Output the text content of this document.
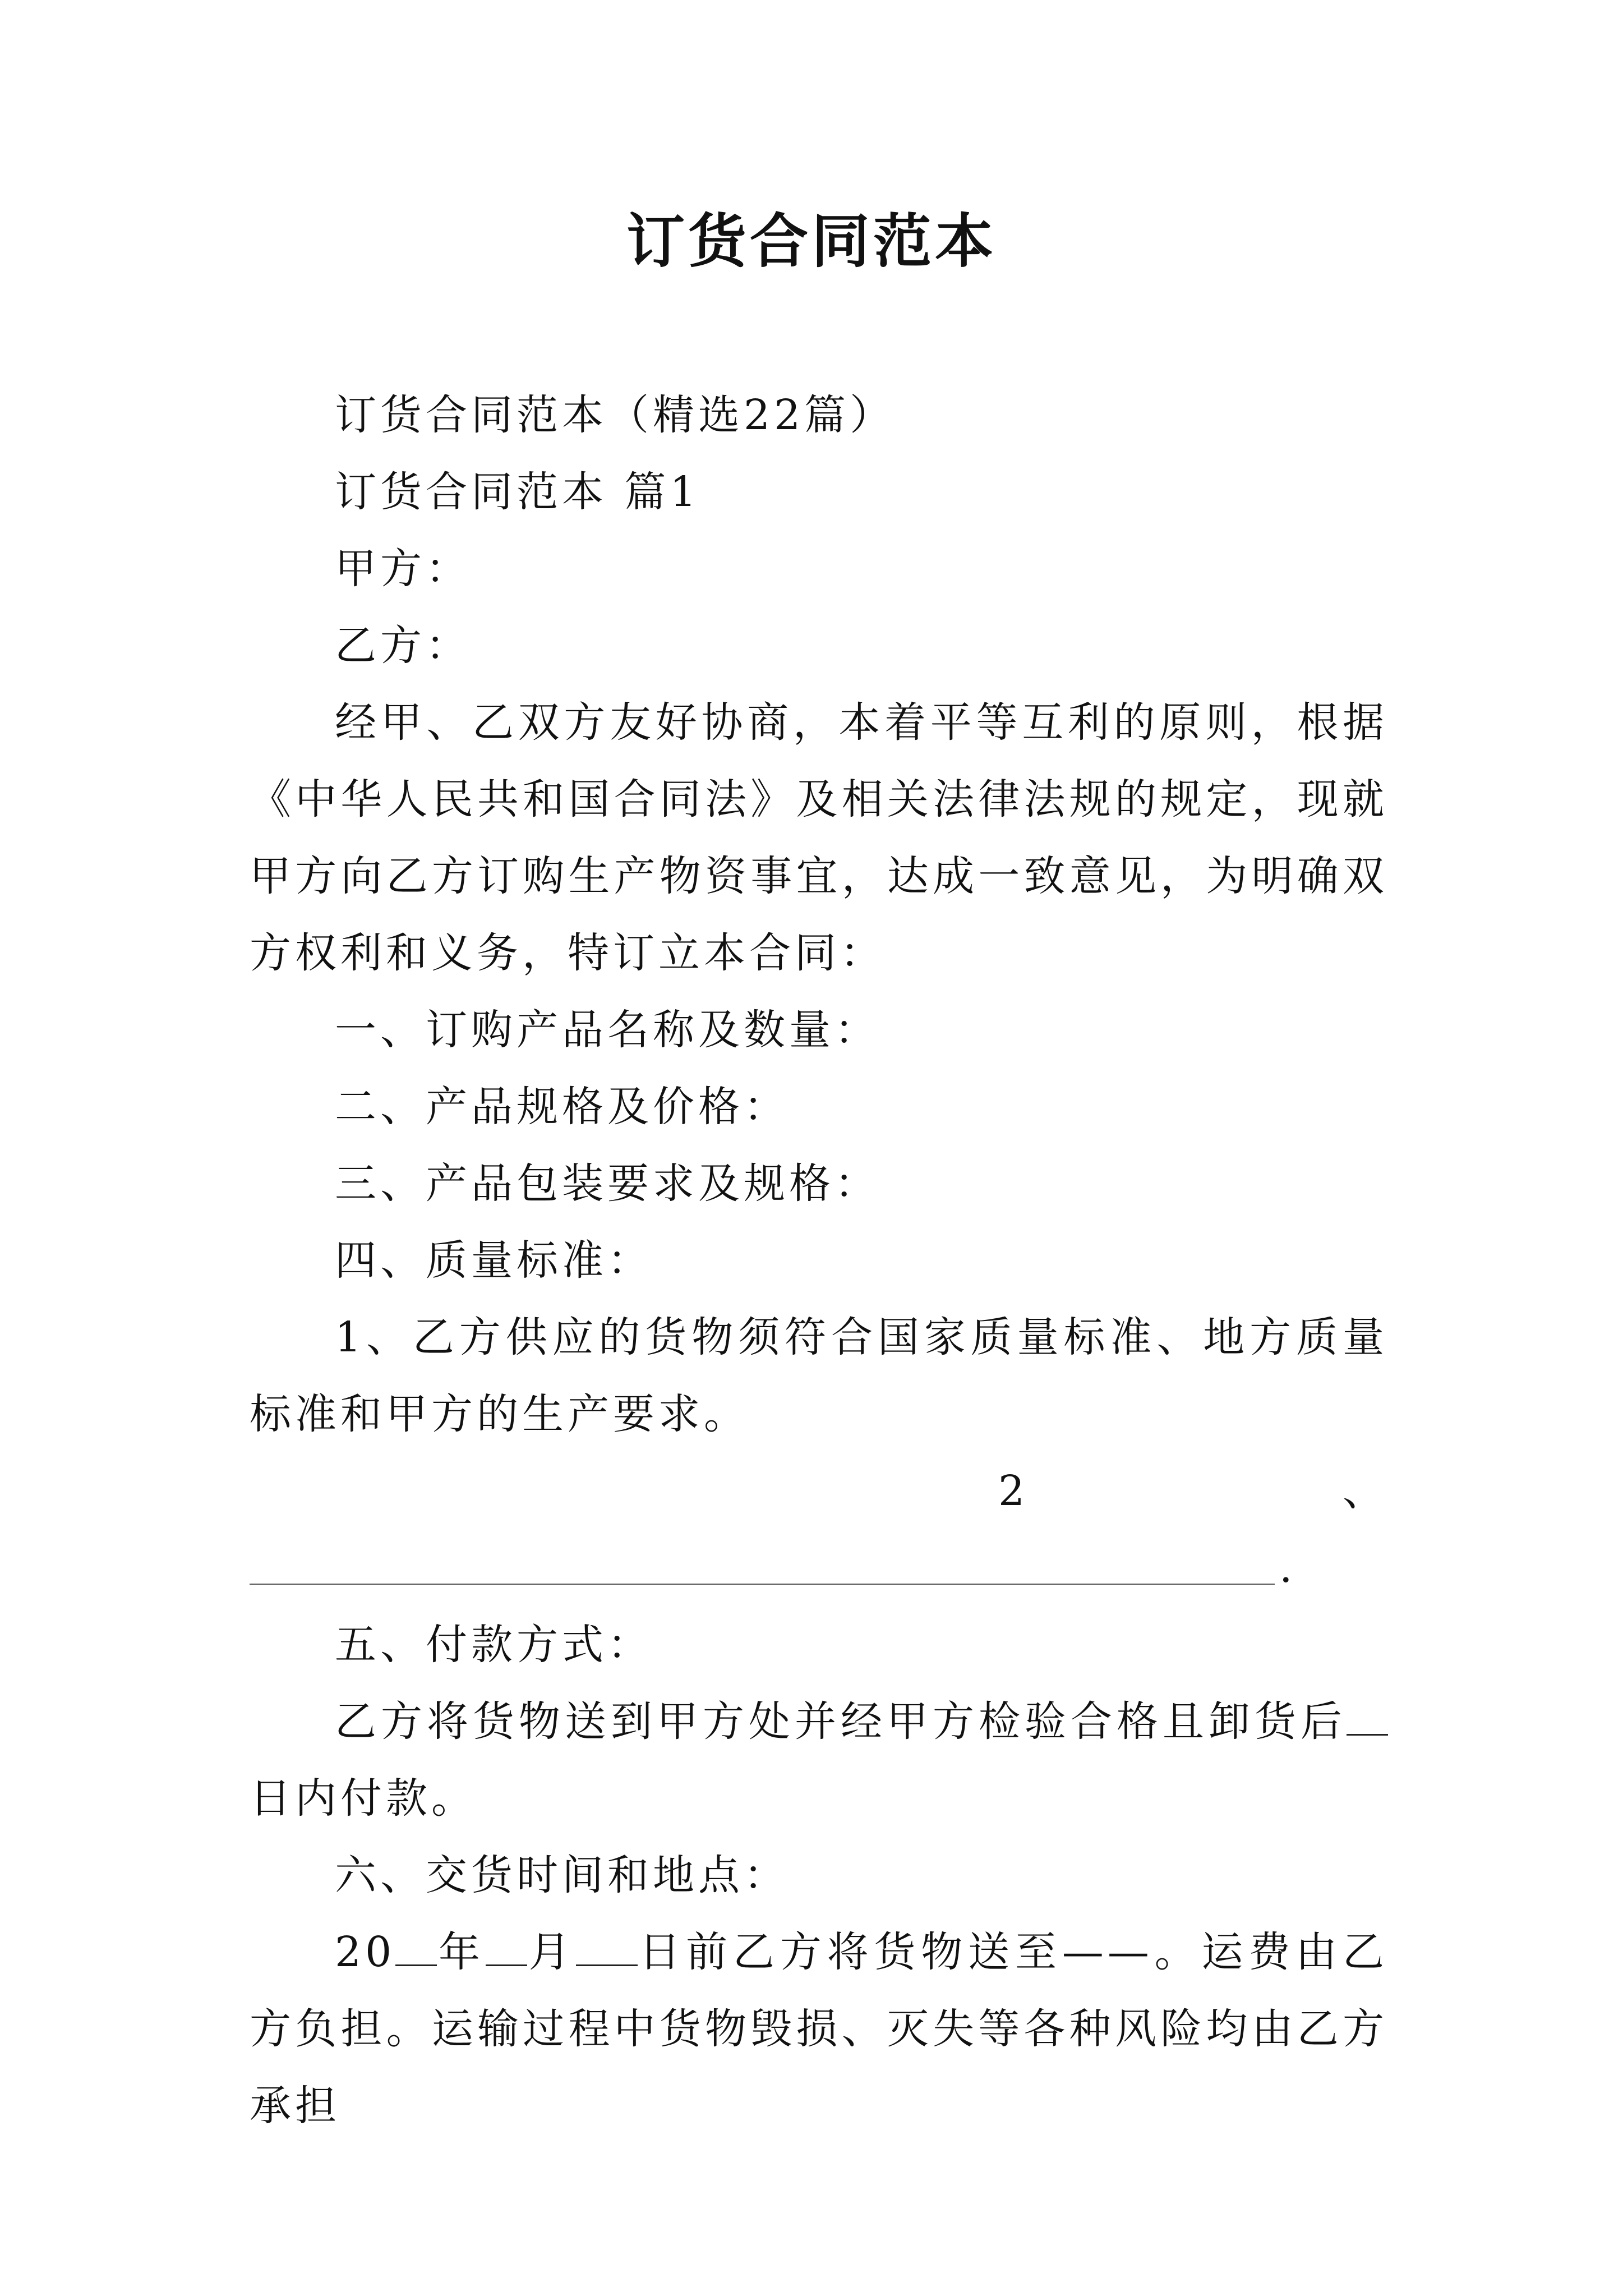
订货合同范本

订货合同范本（精选22篇）

订货合同范本 篇1

甲方：

乙方：

经甲、乙双方友好协商，本着平等互利的原则，根据《中华人民共和国合同法》及相关法律法规的规定，现就甲方向乙方订购生产物资事宜，达成一致意见，为明确双方权利和义务，特订立本合同：

一、订购产品名称及数量：

二、产品规格及价格：

三、产品包装要求及规格：

四、质量标准：

1、乙方供应的货物须符合国家质量标准、地方质量标准和甲方的生产要求。

2	、
.

五、付款方式：

乙方将货物送到甲方处并经甲方检验合格且卸货后日内付款。

六、交货时间和地点：

20 年 月 日前乙方将货物送至——。运费由乙方负担。运输过程中货物毁损、灭失等各种风险均由乙方承担
